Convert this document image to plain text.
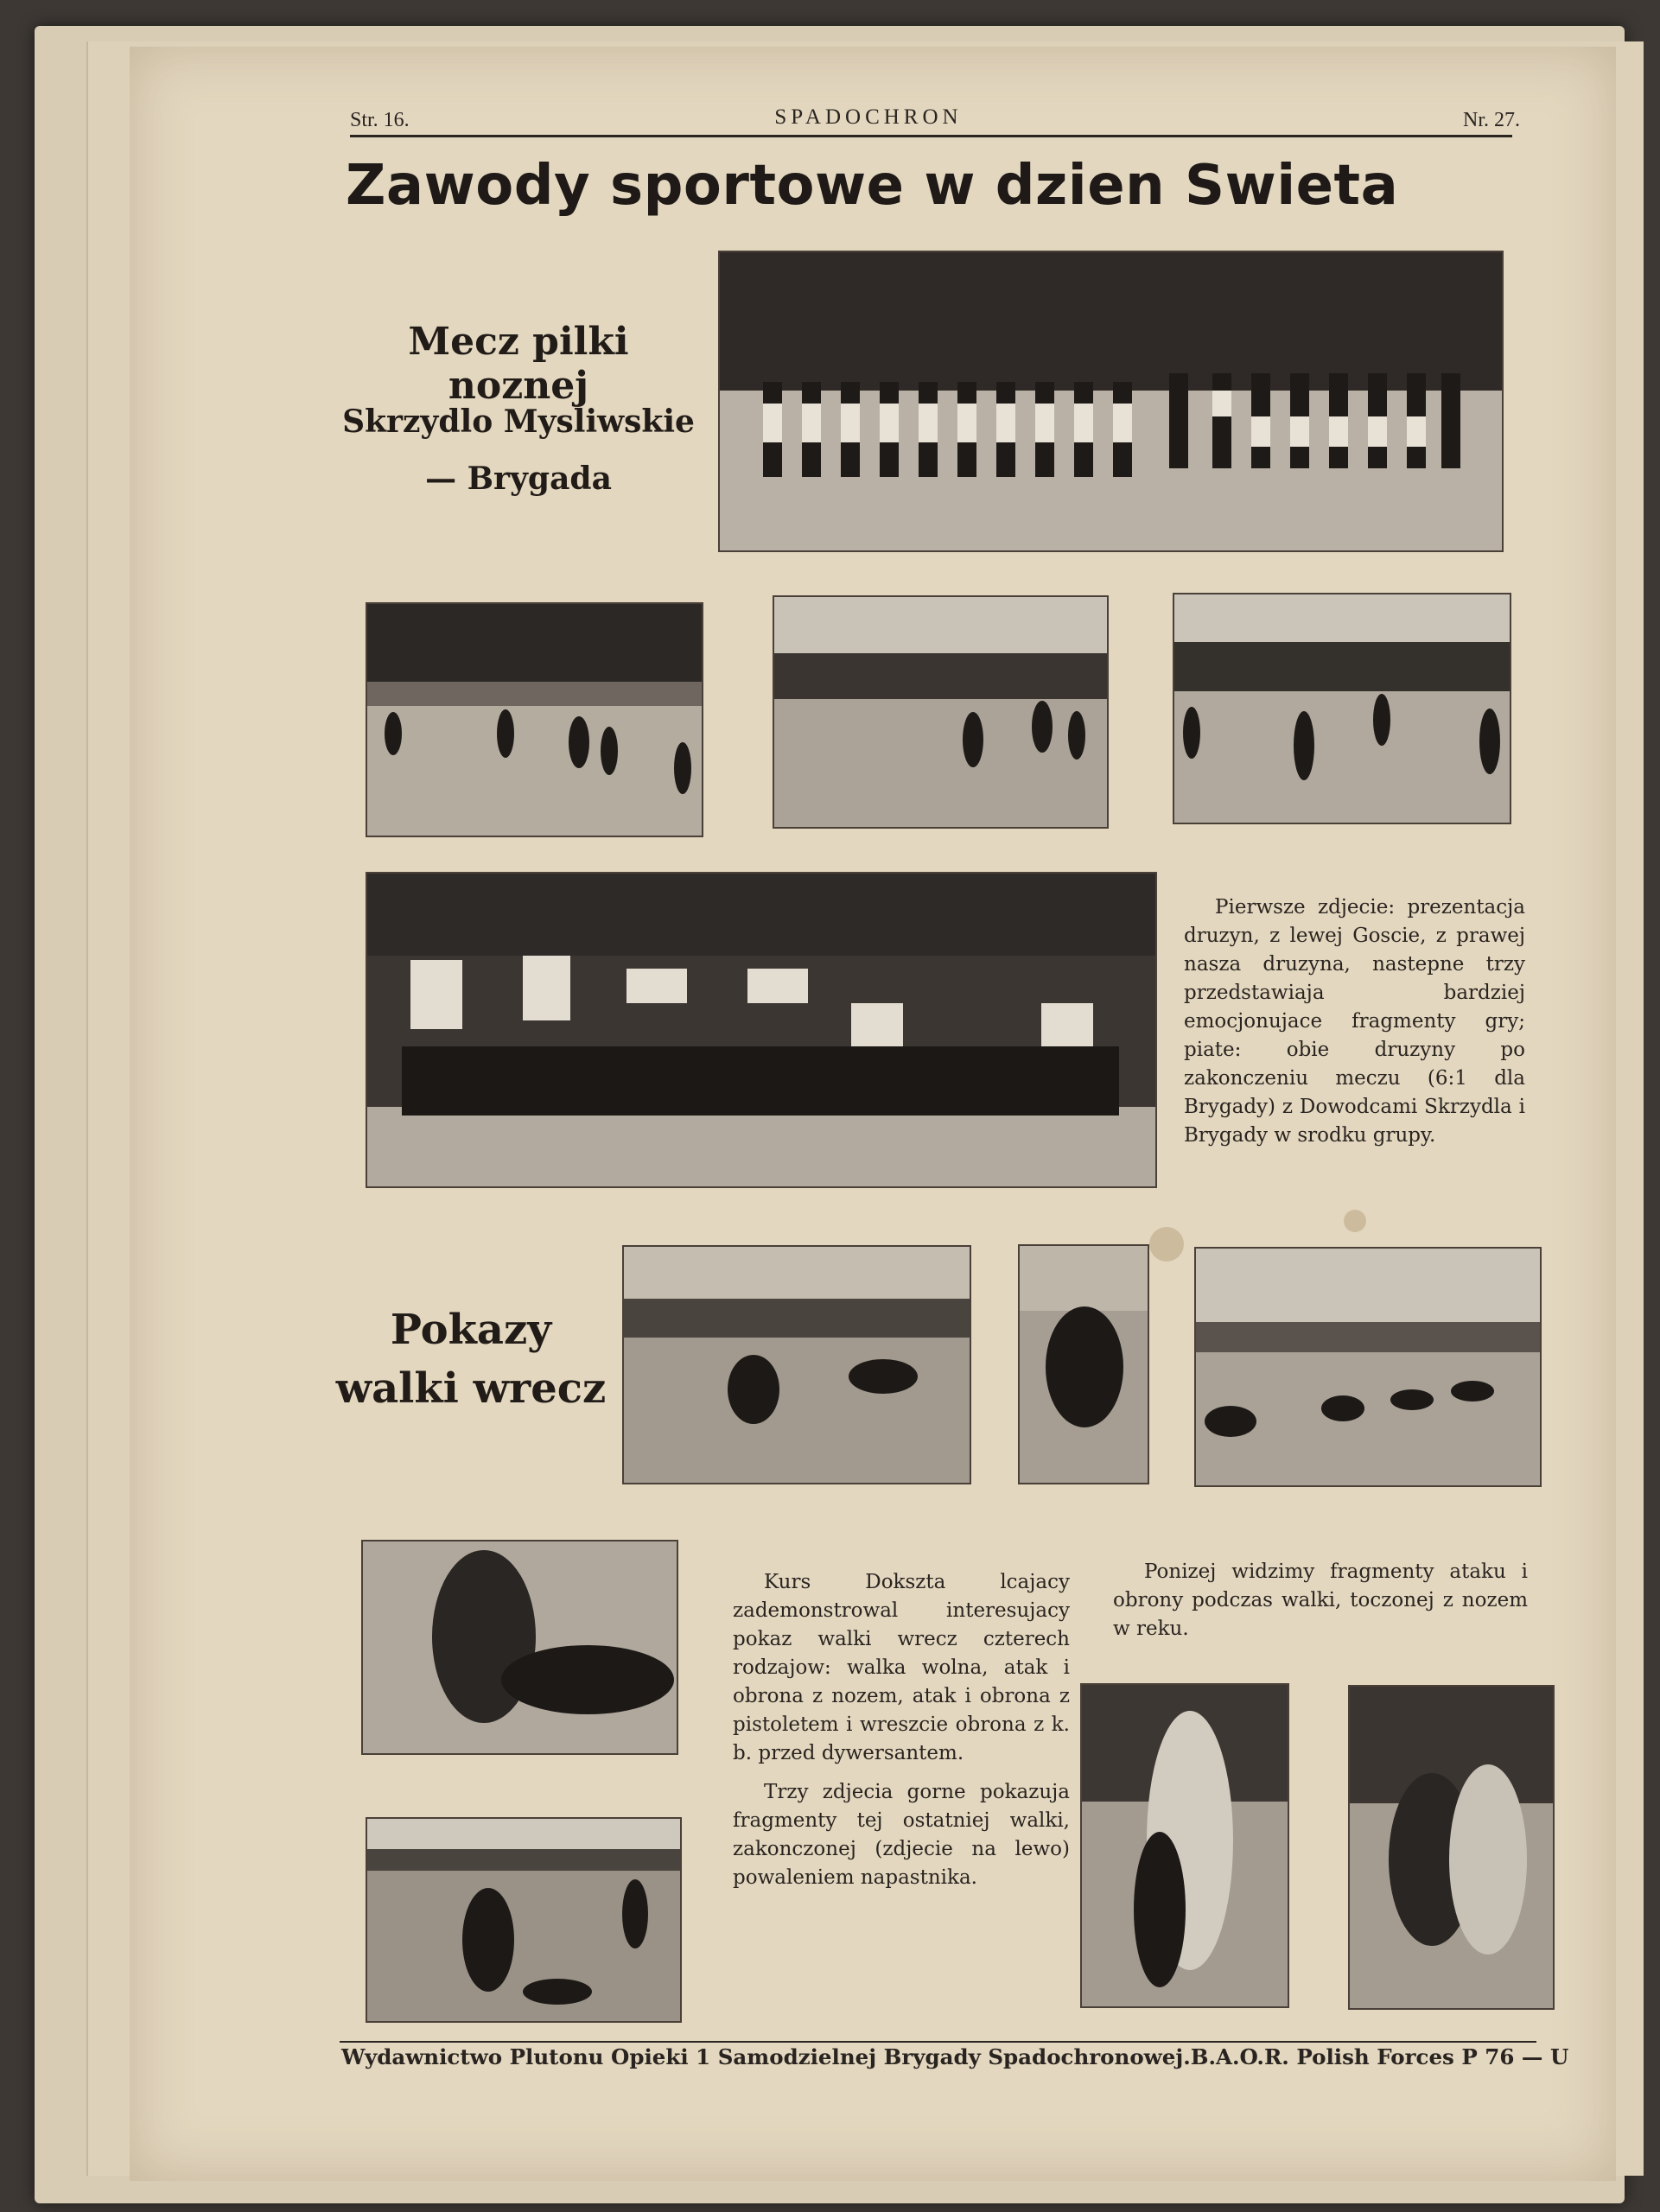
Str. 16.	SPADOCHRON	Nr. 27.
Zawody sportowe w dzien Swieta
Mecz pilki noznej
Skrzydlo Mysliwskie
— Brygada

Pierwsze zdjecie: prezentacja druzyn, z lewej Goscie, z prawej nasza druzyna, nastepne trzy przedstawiaja bardziej emocjonujace fragmenty gry; piate: obie druzyny po zakonczeniu meczu (6:1 dla Brygady) z Dowodcami Skrzydla i Brygady w srodku grupy.

Pokazy
walki wrecz

Kurs Dokszta lcajacy zademonstrowal interesujacy pokaz walki wrecz czterech rodzajow: walka wolna, atak i obrona z nozem, atak i obrona z pistoletem i wreszcie obrona z k. b. przed dywersantem.

Trzy zdjecia gorne pokazuja fragmenty tej ostatniej walki, zakonczonej (zdjecie na lewo) powaleniem napastnika.

Ponizej widzimy fragmenty ataku i obrony podczas walki, toczonej z nozem w reku.

Wydawnictwo Plutonu Opieki 1 Samodzielnej Brygady Spadochronowej.B.A.O.R. Polish Forces P 76 — U
